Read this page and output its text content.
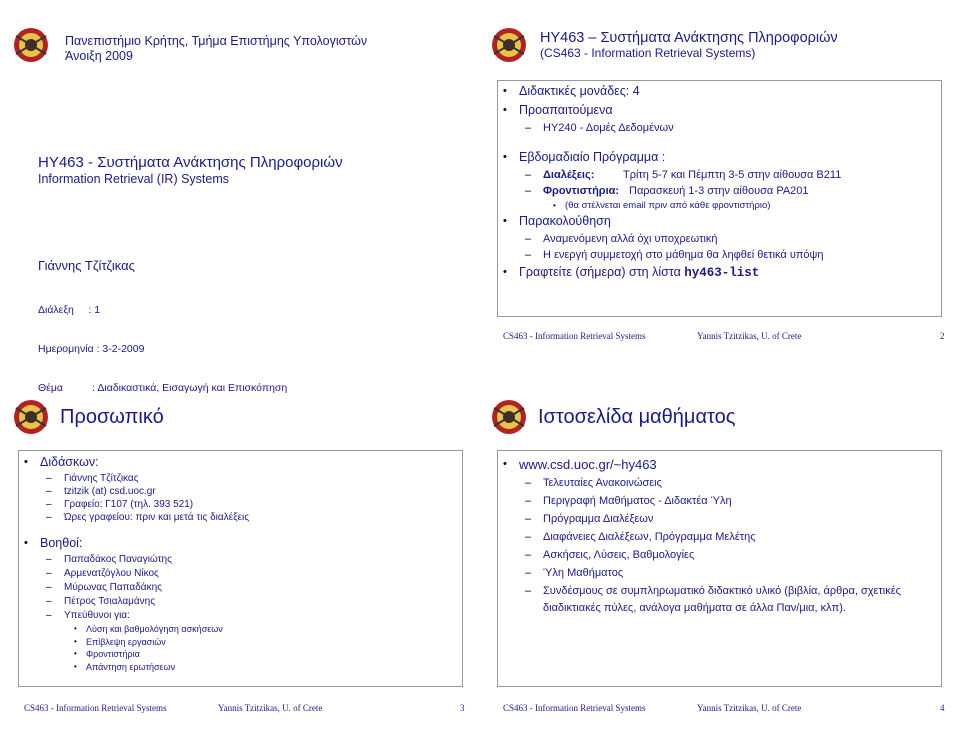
Πανεπιστήμιο Κρήτης, Τμήμα Επιστήμης Υπολογιστών
Άνοιξη 2009
ΗΥ463 - Συστήματα Ανάκτησης Πληροφοριών
Information Retrieval (IR) Systems
Γιάννης Τζίτζικας

Διάλεξη     : 1

Ημερομηνία : 3-2-2009

Θέμα          : Διαδικαστικά, Εισαγωγή και Επισκόπηση

ΗΥ463 – Συστήματα Ανάκτησης Πληροφοριών
(CS463 - Information Retrieval Systems)
• Διδακτικές μονάδες: 4
• Προαπαιτούμενα
– ΗΥ240 - Δομές Δεδομένων
• Εβδομαδιαίο Πρόγραμμα :
– Διαλέξεις:	Τρίτη 5-7 και Πέμπτη 3-5 στην αίθουσα Β211
– Φροντιστήρια: Παρασκευή 1-3 στην αίθουσα ΡΑ201
• (θα στέλνεται email πριν από κάθε φροντιστήριο)
• Παρακολούθηση
– Αναμενόμενη αλλά όχι υποχρεωτική
– Η ενεργή συμμετοχή στο μάθημα θα ληφθεί θετικά υπόψη
• Γραφτείτε (σήμερα) στη λίστα hy463-list
CS463 - Information Retrieval Systems	Yannis Tzitzikas, U. of Crete	2
Προσωπικό
• Διδάσκων:
– Γιάννης Τζίτζικας
– tzitzik (at) csd.uoc.gr
– Γραφείο: Γ107 (τηλ. 393 521)
– Ώρες γραφείου: πριν και μετά τις διαλέξεις
• Βοηθοί:
– Παπαδάκος Παναγιώτης
– Αρμενατζόγλου Νίκος
– Μύρωνας Παπαδάκης
– Πέτρος Τσιαλαμάνης
– Υπεύθυνοι για:
• Λύση και βαθμολόγηση ασκήσεων
• Επίβλεψη εργασιών
• Φροντιστήρια
• Απάντηση ερωτήσεων
CS463 - Information Retrieval Systems	Yannis Tzitzikas, U. of Crete	3
Ιστοσελίδα μαθήματος
• www.csd.uoc.gr/~hy463
– Τελευταίες Ανακοινώσεις
– Περιγραφή Μαθήματος - Διδακτέα Ύλη
– Πρόγραμμα Διαλέξεων
– Διαφάνειες Διαλέξεων, Πρόγραμμα Μελέτης
– Ασκήσεις, Λύσεις, Βαθμολογίες
– Ύλη Μαθήματος
– Συνδέσμους σε συμπληρωματικό διδακτικό υλικό (βιβλία, άρθρα, σχετικές
διαδικτιακές πύλες, ανάλογα μαθήματα σε άλλα Παν/μια, κλπ).
CS463 - Information Retrieval Systems	Yannis Tzitzikas, U. of Crete	4
